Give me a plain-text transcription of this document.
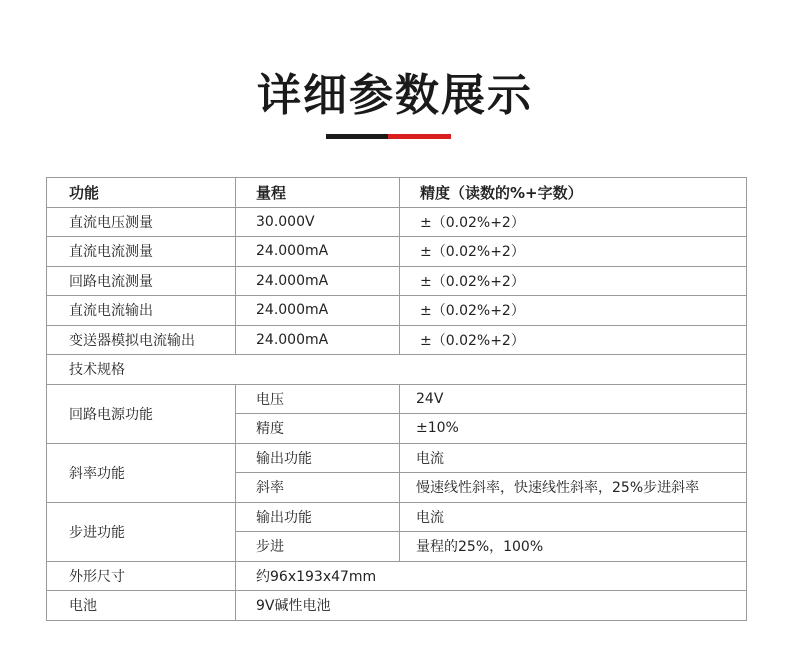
详细参数展示
功能	量程	精度（读数的%+字数）
直流电压测量	30.000V	±（0.02%+2）
直流电流测量	24.000mA	±（0.02%+2）
回路电流测量	24.000mA	±（0.02%+2）
直流电流输出	24.000mA	±（0.02%+2）
变送器模拟电流输出	24.000mA	±（0.02%+2）
技术规格		
回路电源功能	电压	24V
	精度	±10%
斜率功能	输出功能	电流
	斜率	慢速线性斜率，快速线性斜率，25%步进斜率
步进功能	输出功能	电流
	步进	量程的25%，100%
外形尺寸	约96x193x47mm	
电池	9V碱性电池	
